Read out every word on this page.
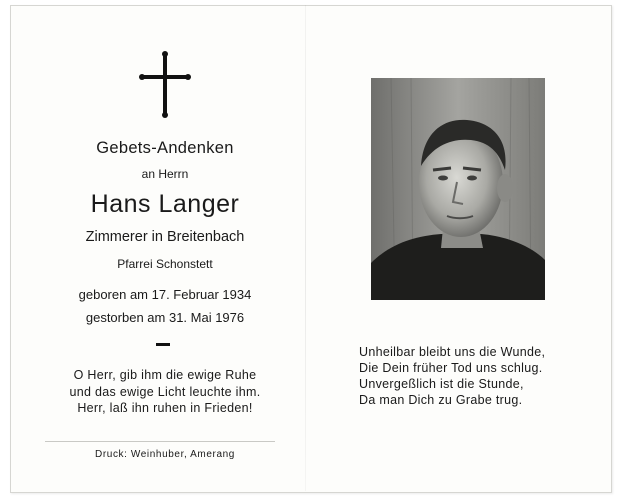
Gebets-Andenken
an Herrn
Hans Langer
Zimmerer in Breitenbach
Pfarrei Schonstett
geboren am 17. Februar 1934
gestorben am 31. Mai 1976
O Herr, gib ihm die ewige Ruhe
und das ewige Licht leuchte ihm.
Herr, laß ihn ruhen in Frieden!
Druck: Weinhuber, Amerang
Unheilbar bleibt uns die Wunde,
Die Dein früher Tod uns schlug.
Unvergeßlich ist die Stunde,
Da man Dich zu Grabe trug.
